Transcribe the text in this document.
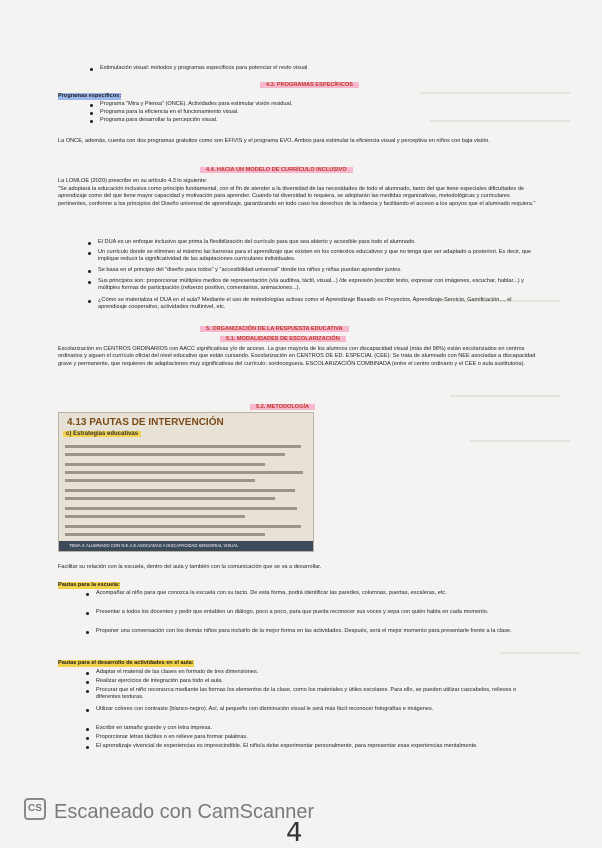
Estimulación visual: métodos y programas específicos para potenciar el resto visual
4.3. PROGRAMAS ESPECÍFICOS
Programas específicos:
Programa "Mira y Piensa" (ONCE). Actividades para estimular visión residual.
Programa para la eficiencia en el funcionamiento visual.
Programa para desarrollar la percepción visual.
La ONCE, además, cuenta con dos programas gratuitos como son EFIVIS y el programa EVO. Ambos para estimular la eficiencia visual y perceptiva en niños con baja visión.
4.4. HACIA UN MODELO DE CURRÍCULO INCLUSIVO
La LOMLOE (2020) prescribe en su artículo 4.3 lo siguiente:
"Se adoptará la educación inclusiva como principio fundamental, con el fin de atender a la diversidad de las necesidades de todo el alumnado, tanto del que tiene especiales dificultades de aprendizaje como del que tiene mayor capacidad y motivación para aprender. Cuando tal diversidad lo requiera, se adoptarán las medidas organizativas, metodológicas y curriculares pertinentes, conforme a los principios del Diseño universal de aprendizaje, garantizando en todo caso los derechos de la infancia y facilitando el acceso a los apoyos que el alumnado requiera."
El DUA es un enfoque inclusivo que prima la flexibilización del currículo para que sea abierto y accesible para todo el alumnado.
Un currículo donde se eliminen al máximo las barreras para el aprendizaje que existen en los contextos educativos y que no tenga que ser adaptado a posteriori. Es decir, que implique reducir la significatividad de las adaptaciones curriculares individuales.
Se basa en el principio del "diseño para todos" y "accesibilidad universal" donde los niños y niñas puedan aprender juntos.
Sus principios son: proporcionar múltiples medios de representación (vía auditiva, táctil, visual...) /de expresión (escribir texto, expresar con imágenes, escuchar, hablar...) y múltiples formas de participación (refuerzo positivo, comentarios, animaciones...).
¿Cómo se materializa el DUA en el aula? Mediante el uso de metodologías activas como el Aprendizaje Basado en Proyectos, Aprendizaje-Servicio, Gamificación..., el aprendizaje cooperativo, actividades multinivel, etc.
5. ORGANIZACIÓN DE LA RESPUESTA EDUCATIVA
5.1. MODALIDADES DE ESCOLARIZACIÓN
Escolarización en CENTROS ORDINARIOS con AACC significativas y/o de acceso. La gran mayoría de los alumnos con discapacidad visual (más del 98%) están escolarizados en centros ordinarios y siguen el currículo oficial del nivel educativo que están cursando. Escolarización en CENTROS DE ED. ESPECIAL (CEE): Se trata de alumnado con NEE asociadas a discapacidad grave y permanente, que requieren de adaptaciones muy significativas del currículo: sordoceguera. ESCOLARIZACIÓN COMBINADA (entre el centro ordinario y el CEE o aula sustitutoria).
5.2. METODOLOGÍA
4.13 PAUTAS DE INTERVENCIÓN
c) Estrategias educativas
TEMA 4: ALUMNADO CON N.E.A.E ASOCIADAS A DISCAPACIDAD SENSORIAL VISUAL
Facilitar su relación con la escuela, dentro del aula y también con la comunicación que se va a desarrollar.
Pautas para la escuela:
Acompañar al niño para que conozca la escuela con su tacto. De esta forma, podrá identificar las paredes, columnas, puertas, escaleras, etc.
Presentar a todos los docentes y pedir que entablen un diálogo, poco a poco, para que pueda reconocer sus voces y sepa con quién habla en cada momento.
Proponer una conversación con los demás niños para incluirlo de la mejor forma en las actividades. Después, será el mejor momento para presentarle frente a la clase.
Pautas para el desarrollo de actividades en el aula:
Adaptar el material de las clases en formato de tres dimensiones.
Realizar ejercicios de integración para todo el aula.
Procurar que el niño reconozca mediante las formas los elementos de la clase, como los materiales y útiles escolares. Para ello, se pueden utilizar cascabeles, relieves o diferentes texturas.
Utilizar colores con contraste (blanco-negro). Así, al pequeño con disminución visual le será más fácil reconocer fotografías e imágenes.
Escribir en tamaño grande y con letra impresa.
Proporcionar letras táctiles o en relieve para formar palabras.
El aprendizaje vivencial de experiencias es imprescindible. El niño/a debe experimentar personalmente, para representar esas experiencias mentalmente.
CS Escaneado con CamScanner
4
